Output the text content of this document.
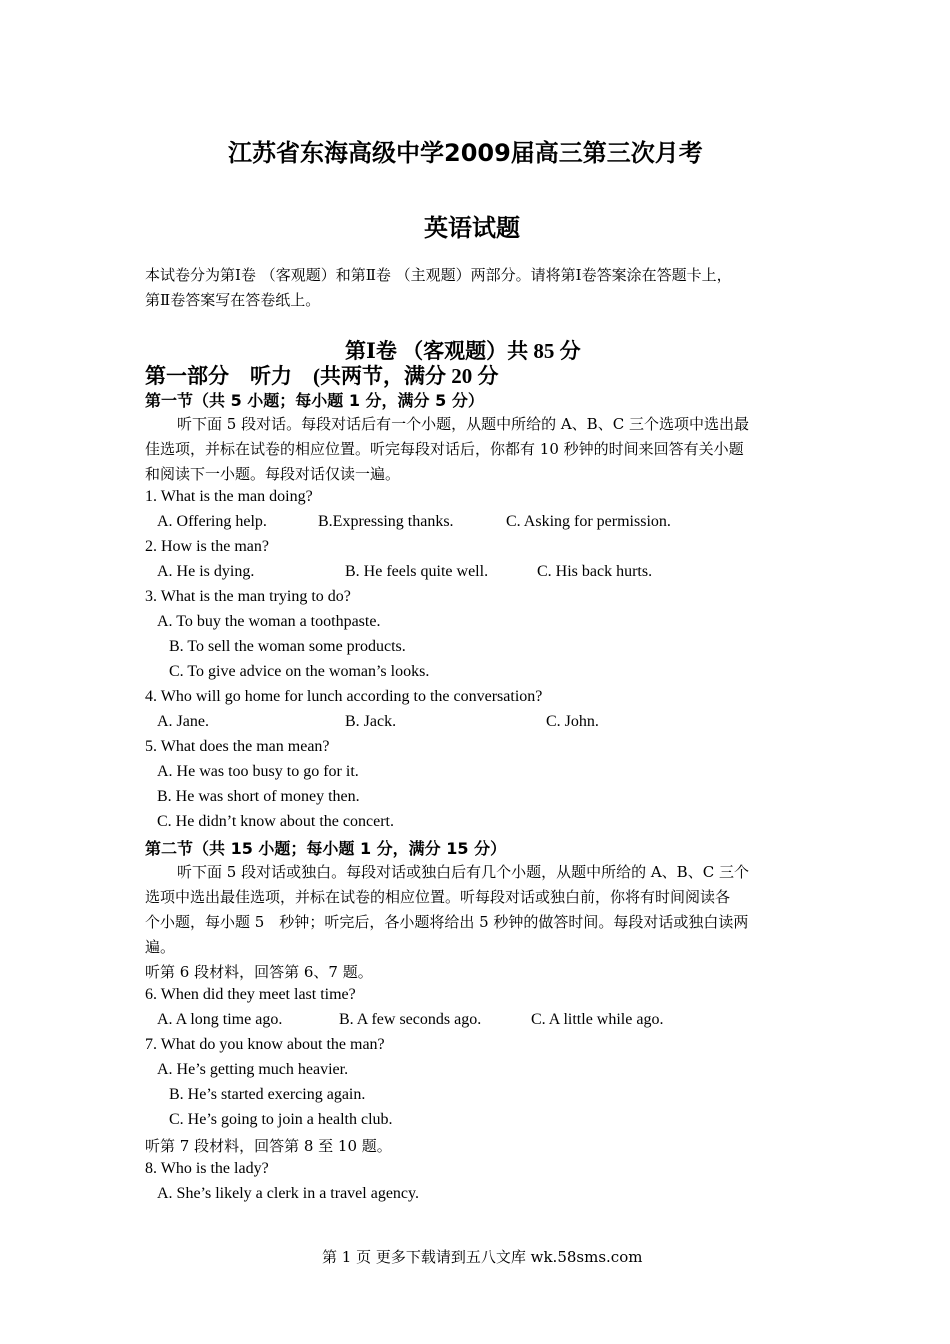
江苏省东海高级中学2009届高三第三次月考
英语试题
本试卷分为第Ⅰ卷 （客观题）和第Ⅱ卷 （主观题）两部分。请将第Ⅰ卷答案涂在答题卡上，
第Ⅱ卷答案写在答卷纸上。
第Ⅰ卷 （客观题）共 85 分
第一部分　听力　(共两节，满分 20 分
第一节（共 5 小题；每小题 1 分，满分 5 分）
听下面 5 段对话。每段对话后有一个小题，从题中所给的 A、B、C 三个选项中选出最
佳选项，并标在试卷的相应位置。听完每段对话后，你都有 10 秒钟的时间来回答有关小题
和阅读下一小题。每段对话仅读一遍。
1. What is the man doing?
A. Offering help.	B.Expressing thanks.	C. Asking for permission.
2. How is the man?
A. He is dying.	B. He feels quite well.	C. His back hurts.
3. What is the man trying to do?
A. To buy the woman a toothpaste.
B. To sell the woman some products.
C. To give advice on the woman’s looks.
4. Who will go home for lunch according to the conversation?
A. Jane.	B. Jack.	C. John.
5. What does the man mean?
A. He was too busy to go for it.
B. He was short of money then.
C. He didn’t know about the concert.
第二节（共 15 小题；每小题 1 分，满分 15 分）
听下面 5 段对话或独白。每段对话或独白后有几个小题，从题中所给的 A、B、C 三个
选项中选出最佳选项，并标在试卷的相应位置。听每段对话或独白前，你将有时间阅读各
个小题，每小题 5　秒钟；听完后，各小题将给出 5 秒钟的做答时间。每段对话或独白读两
遍。
听第 6 段材料，回答第 6、7 题。
6. When did they meet last time?
A. A long time ago.	B. A few seconds ago.	C. A little while ago.
7. What do you know about the man?
A. He’s getting much heavier.
B. He’s started exercing again.
C. He’s going to join a health club.
听第 7 段材料，回答第 8 至 10 题。
8. Who is the lady?
A. She’s likely a clerk in a travel agency.
第 1 页 更多下载请到五八文库 wk.58sms.com
